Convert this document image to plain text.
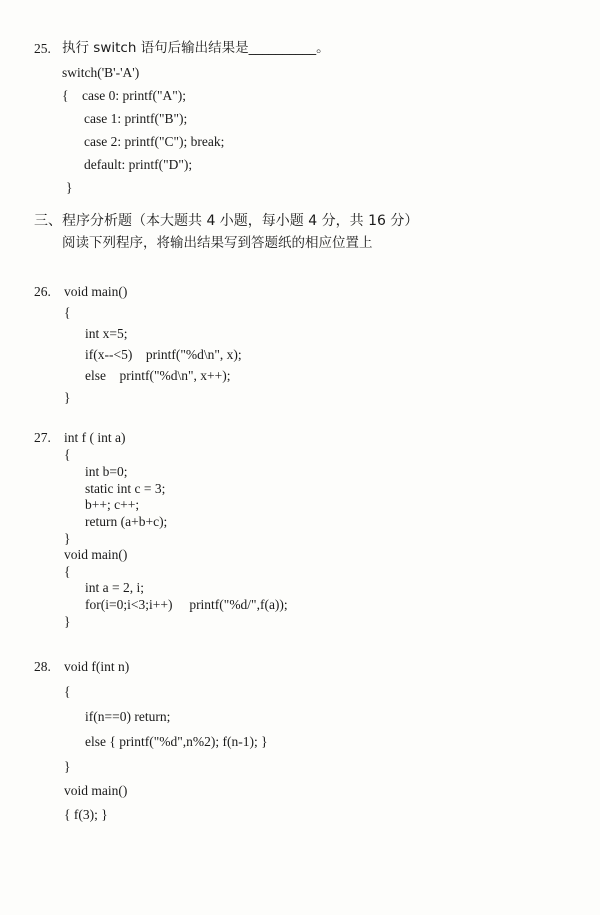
25. 执行 switch 语句后输出结果是__________。
switch('B'-'A')
{    case 0: printf("A");
case 1: printf("B");
case 2: printf("C"); break;
default: printf("D");
}
三、程序分析题（本大题共 4 小题，每小题 4 分，共 16 分）
阅读下列程序，将输出结果写到答题纸的相应位置上
26. void main()
{
int x=5;
if(x--<5)    printf("%d\n", x);
else    printf("%d\n", x++);
}
27. int f ( int a)
{
int b=0;
static int c = 3;
b++; c++;
return (a+b+c);
}
void main()
{
int a = 2, i;
for(i=0;i<3;i++)     printf("%d/",f(a));
}
28. void f(int n)
{
if(n==0) return;
else { printf("%d",n%2); f(n-1); }
}
void main()
{ f(3); }
